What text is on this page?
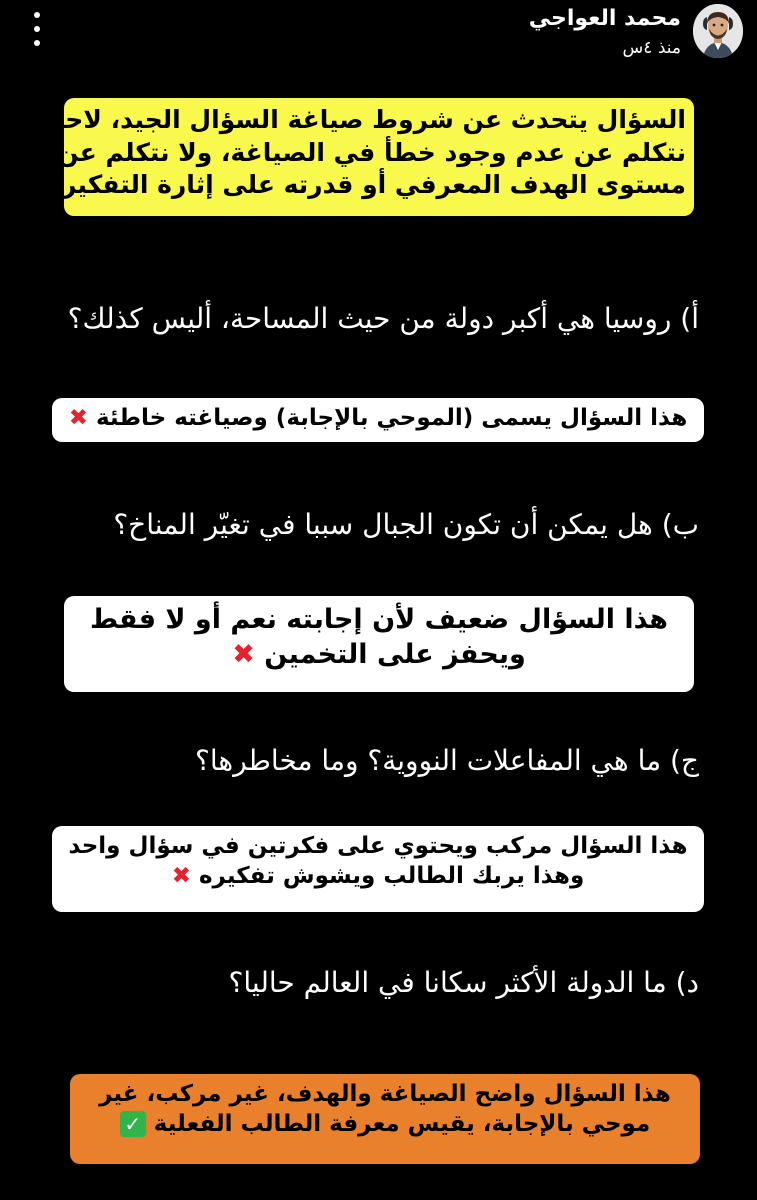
محمد العواجي
منذ ٤س
السؤال يتحدث عن شروط صياغة السؤال الجيد، لاحظ
نتكلم عن عدم وجود خطأ في الصياغة، ولا نتكلم عن
مستوى الهدف المعرفي أو قدرته على إثارة التفكير
أ) روسيا هي أكبر دولة من حيث المساحة، أليس كذلك؟
هذا السؤال يسمى (الموحي بالإجابة) وصياغته خاطئة ✖
ب) هل يمكن أن تكون الجبال سببا في تغيّر المناخ؟
هذا السؤال ضعيف لأن إجابته نعم أو لا فقط
ويحفز على التخمين ✖
ج) ما هي المفاعلات النووية؟ وما مخاطرها؟
هذا السؤال مركب ويحتوي على فكرتين في سؤال واحد
وهذا يربك الطالب ويشوش تفكيره ✖
د) ما الدولة الأكثر سكانا في العالم حاليا؟
هذا السؤال واضح الصياغة والهدف، غير مركب، غير
موحي بالإجابة، يقيس معرفة الطالب الفعلية ✓
